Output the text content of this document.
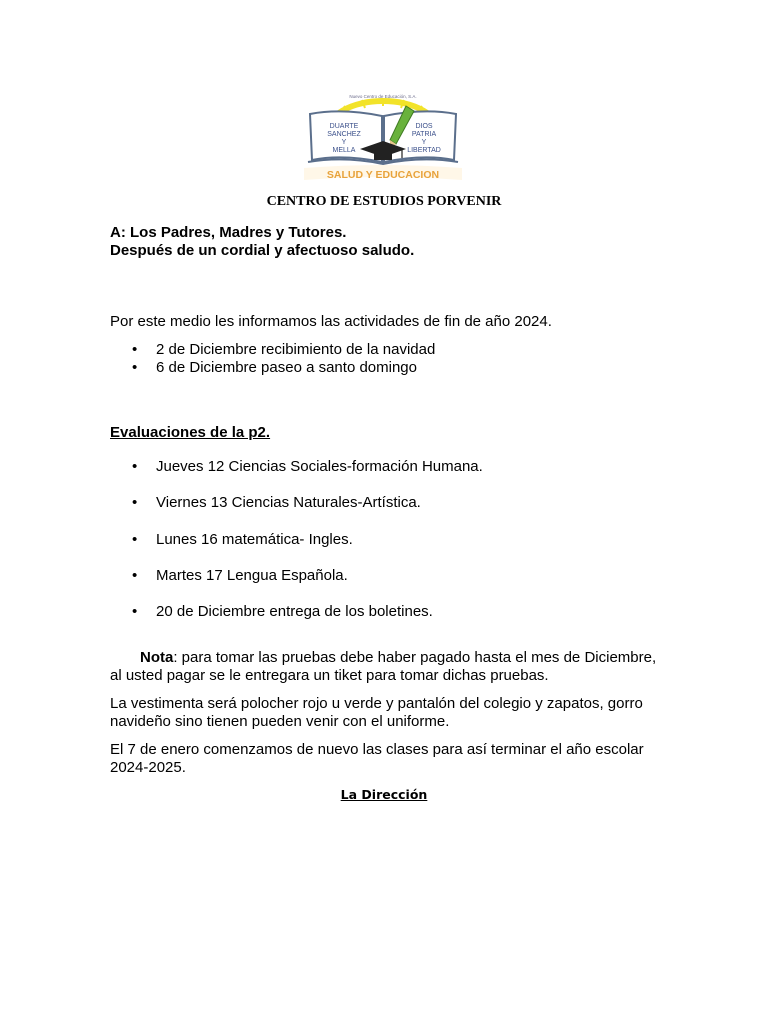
Nuevo Centro de Educación, S.A.
DUARTE
SANCHEZ
Y
MELLA
DIOS
PATRIA
Y
LIBERTAD
SALUD Y EDUCACION
CENTRO DE ESTUDIOS PORVENIR
A: Los Padres, Madres y Tutores.
Después de un cordial y afectuoso saludo.
Por este medio les informamos las actividades de fin de año 2024.
• 2 de Diciembre recibimiento de la navidad
• 6 de Diciembre paseo a santo domingo
Evaluaciones de la p2.
• Jueves 12 Ciencias Sociales-formación Humana.
• Viernes 13 Ciencias Naturales-Artística.
• Lunes 16 matemática- Ingles.
• Martes 17 Lengua Española.
• 20 de Diciembre entrega de los boletines.
Nota: para tomar las pruebas debe haber pagado hasta el mes de Diciembre, al usted pagar se le entregara un tiket para tomar dichas pruebas.
La vestimenta será polocher rojo u verde y pantalón del colegio y zapatos, gorro navideño sino tienen pueden venir con el uniforme.
El 7 de enero comenzamos de nuevo las clases para así terminar el año escolar 2024-2025.
La Dirección
